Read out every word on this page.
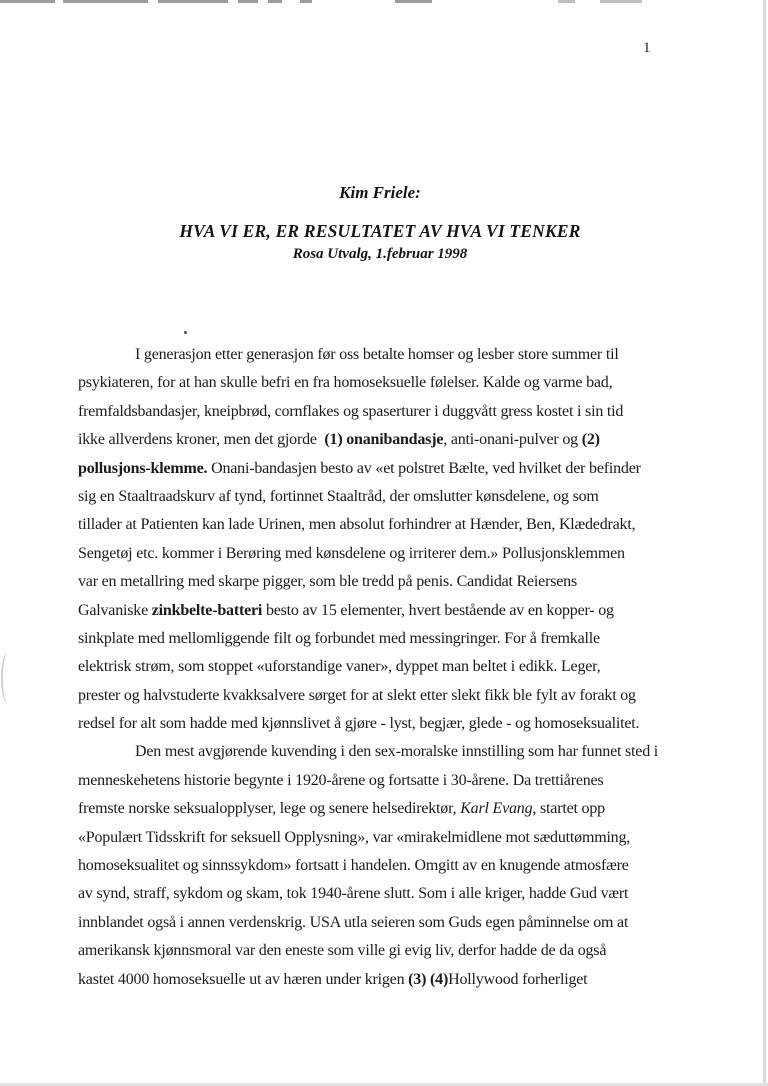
1
Kim Friele:
HVA VI ER, ER RESULTATET AV HVA VI TENKER
Rosa Utvalg, 1.februar 1998
I generasjon etter generasjon før oss betalte homser og lesber store summer til
psykiateren, for at han skulle befri en fra homoseksuelle følelser. Kalde og varme bad,
fremfaldsbandasjer, kneipbrød, cornflakes og spaserturer i duggvått gress kostet i sin tid
ikke allverdens kroner, men det gjorde  (1) onanibandasje, anti-onani-pulver og (2)
pollusjons-klemme. Onani-bandasjen besto av «et polstret Bælte, ved hvilket der befinder
sig en Staaltraadskurv af tynd, fortinnet Staaltråd, der omslutter kønsdelene, og som
tillader at Patienten kan lade Urinen, men absolut forhindrer at Hænder, Ben, Klædedrakt,
Sengetøj etc. kommer i Berøring med kønsdelene og irriterer dem.» Pollusjonsklemmen
var en metallring med skarpe pigger, som ble tredd på penis. Candidat Reiersens
Galvaniske zinkbelte-batteri besto av 15 elementer, hvert bestående av en kopper- og
sinkplate med mellomliggende filt og forbundet med messingringer. For å fremkalle
elektrisk strøm, som stoppet «uforstandige vaner», dyppet man beltet i edikk. Leger,
prester og halvstuderte kvakksalvere sørget for at slekt etter slekt fikk ble fylt av forakt og
redsel for alt som hadde med kjønnslivet å gjøre - lyst, begjær, glede - og homoseksualitet.
Den mest avgjørende kuvending i den sex-moralske innstilling som har funnet sted i
menneskehetens historie begynte i 1920-årene og fortsatte i 30-årene. Da trettiårenes
fremste norske seksualopplyser, lege og senere helsedirektør, Karl Evang, startet opp
«Populært Tidsskrift for seksuell Opplysning», var «mirakelmidlene mot sæduttømming,
homoseksualitet og sinnssykdom» fortsatt i handelen. Omgitt av en knugende atmosfære
av synd, straff, sykdom og skam, tok 1940-årene slutt. Som i alle kriger, hadde Gud vært
innblandet også i annen verdenskrig. USA utla seieren som Guds egen påminnelse om at
amerikansk kjønnsmoral var den eneste som ville gi evig liv, derfor hadde de da også
kastet 4000 homoseksuelle ut av hæren under krigen (3) (4)Hollywood forherliget
